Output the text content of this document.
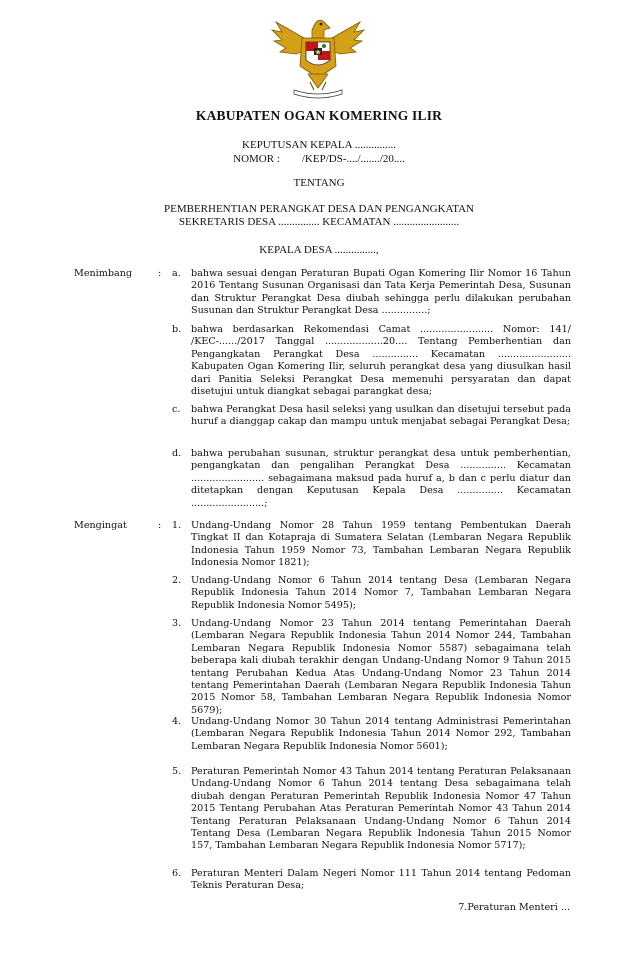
KABUPATEN OGAN KOMERING ILIR
KEPUTUSAN KEPALA ...............
NOMOR :        /KEP/DS-..../......./20....
TENTANG
PEMBERHENTIAN PERANGKAT DESA DAN PENGANGKATAN
SEKRETARIS DESA ............... KECAMATAN ........................
KEPALA DESA ...............,
Menimbang	: a. bahwa sesuai dengan Peraturan Bupati Ogan Komering Ilir Nomor 16 Tahun 2016 Tentang Susunan Organisasi dan Tata Kerja Pemerintah Desa, Susunan dan Struktur Perangkat Desa diubah sehingga perlu dilakukan perubahan Susunan dan Struktur Perangkat Desa ...............;
b. bahwa berdasarkan Rekomendasi Camat ........................ Nomor: 141/ /KEC-....../2017 Tanggal ...................20.... Tentang Pemberhentian dan Pengangkatan Perangkat Desa ............... Kecamatan ........................ Kabupaten Ogan Komering Ilir, seluruh perangkat desa yang diusulkan hasil dari Panitia Seleksi Perangkat Desa memenuhi persyaratan dan dapat disetujui untuk diangkat sebagai parangkat desa;
c. bahwa Perangkat Desa hasil seleksi yang usulkan dan disetujui tersebut pada huruf a dianggap cakap dan mampu untuk menjabat sebagai Perangkat Desa;
d. bahwa perubahan susunan, struktur perangkat desa untuk pemberhentian, pengangkatan dan pengalihan Perangkat Desa ............... Kecamatan ........................ sebagaimana maksud pada huruf a, b dan c perlu diatur dan ditetapkan dengan Keputusan Kepala Desa ............... Kecamatan ........................;
Mengingat	: 1. Undang-Undang Nomor 28 Tahun 1959 tentang Pembentukan Daerah Tingkat II dan Kotapraja di Sumatera Selatan (Lembaran Negara Republik Indonesia Tahun 1959 Nomor 73, Tambahan Lembaran Negara Republik Indonesia Nomor 1821);
2. Undang-Undang Nomor 6 Tahun 2014 tentang Desa (Lembaran Negara Republik Indonesia Tahun 2014 Nomor 7, Tambahan Lembaran Negara Republik Indonesia Nomor 5495);
3. Undang-Undang Nomor 23 Tahun 2014 tentang Pemerintahan Daerah (Lembaran Negara Republik Indonesia Tahun 2014 Nomor 244, Tambahan Lembaran Negara Republik Indonesia Nomor 5587) sebagaimana telah beberapa kali diubah terakhir dengan Undang-Undang Nomor 9 Tahun 2015 tentang Perubahan Kedua Atas Undang-Undang Nomor 23 Tahun 2014 tentang Pemerintahan Daerah (Lembaran Negara Republik Indonesia Tahun 2015 Nomor 58, Tambahan Lembaran Negara Republik Indonesia Nomor 5679);
4. Undang-Undang Nomor 30 Tahun 2014 tentang Administrasi Pemerintahan (Lembaran Negara Republik Indonesia Tahun 2014 Nomor 292, Tambahan Lembaran Negara Republik Indonesia Nomor 5601);
5. Peraturan Pemerintah Nomor 43 Tahun 2014 tentang Peraturan Pelaksanaan Undang-Undang Nomor 6 Tahun 2014 tentang Desa sebagaimana telah diubah dengan Peraturan Pemerintah Republik Indonesia Nomor 47 Tahun 2015 Tentang Perubahan Atas Peraturan Pemerintah Nomor 43 Tahun 2014 Tentang Peraturan Pelaksanaan Undang-Undang Nomor 6 Tahun 2014 Tentang Desa (Lembaran Negara Republik Indonesia Tahun 2015 Nomor 157, Tambahan Lembaran Negara Republik Indonesia Nomor 5717);
6. Peraturan Menteri Dalam Negeri Nomor 111 Tahun 2014 tentang Pedoman Teknis Peraturan Desa;
7.Peraturan Menteri ...
